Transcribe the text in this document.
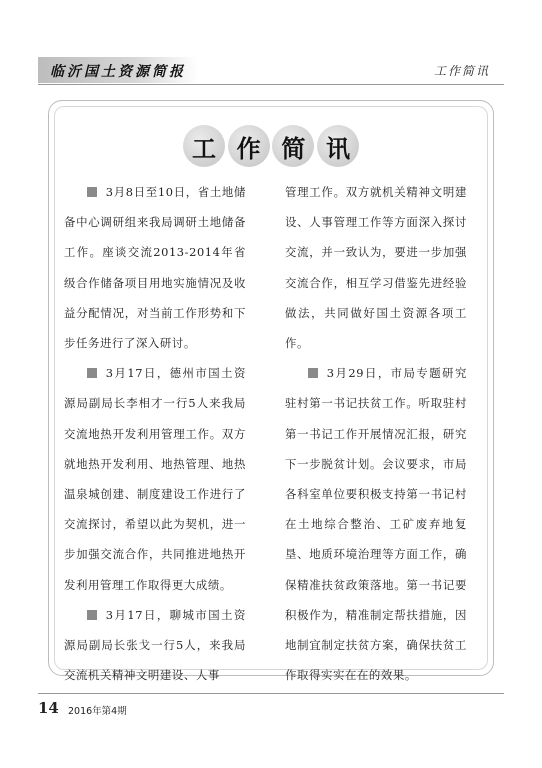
临沂国土资源简报	工作简讯
工 作 简 讯

3月8日至10日，省土地储备中心调研组来我局调研土地储备工作。座谈交流2013-2014年省级合作储备项目用地实施情况及收益分配情况，对当前工作形势和下步任务进行了深入研讨。

3月17日，德州市国土资源局副局长李相才一行5人来我局交流地热开发利用管理工作。双方就地热开发利用、地热管理、地热温泉城创建、制度建设工作进行了交流探讨，希望以此为契机，进一步加强交流合作，共同推进地热开发利用管理工作取得更大成绩。

3月17日，聊城市国土资源局副局长张戈一行5人，来我局交流机关精神文明建设、人事

管理工作。双方就机关精神文明建设、人事管理工作等方面深入探讨交流，并一致认为，要进一步加强交流合作，相互学习借鉴先进经验做法，共同做好国土资源各项工作。

3月29日，市局专题研究驻村第一书记扶贫工作。听取驻村第一书记工作开展情况汇报，研究下一步脱贫计划。会议要求，市局各科室单位要积极支持第一书记村在土地综合整治、工矿废弃地复垦、地质环境治理等方面工作，确保精准扶贫政策落地。第一书记要积极作为，精准制定帮扶措施，因地制宜制定扶贫方案，确保扶贫工作取得实实在在的效果。

14 2016年第4期
